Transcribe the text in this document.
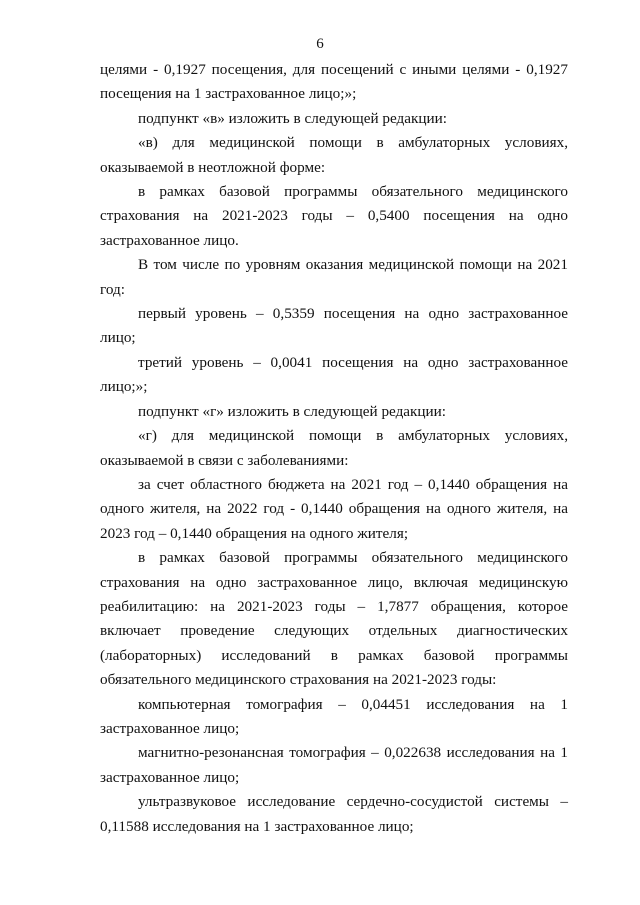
6

целями - 0,1927 посещения, для посещений с иными целями - 0,1927 посещения на 1 застрахованное лицо;»;

подпункт «в» изложить в следующей редакции:

«в) для медицинской помощи в амбулаторных условиях, оказываемой в неотложной форме:

в рамках базовой программы обязательного медицинского страхования на 2021-2023 годы – 0,5400 посещения на одно застрахованное лицо.

В том числе по уровням оказания медицинской помощи на 2021 год:

первый уровень – 0,5359 посещения на одно застрахованное лицо;

третий уровень – 0,0041 посещения на одно застрахованное лицо;»;

подпункт «г» изложить в следующей редакции:

«г) для медицинской помощи в амбулаторных условиях, оказываемой в связи с заболеваниями:

за счет областного бюджета на 2021 год – 0,1440 обращения на одного жителя, на 2022 год - 0,1440 обращения на одного жителя, на 2023 год – 0,1440 обращения на одного жителя;

в рамках базовой программы обязательного медицинского страхования на одно застрахованное лицо, включая медицинскую реабилитацию: на 2021-2023 годы – 1,7877 обращения, которое включает проведение следующих отдельных диагностических (лабораторных) исследований в рамках базовой программы обязательного медицинского страхования на 2021-2023 годы:

компьютерная томография – 0,04451 исследования на 1 застрахованное лицо;

магнитно-резонансная томография – 0,022638 исследования на 1 застрахованное лицо;

ультразвуковое исследование сердечно-сосудистой системы – 0,11588 исследования на 1 застрахованное лицо;
